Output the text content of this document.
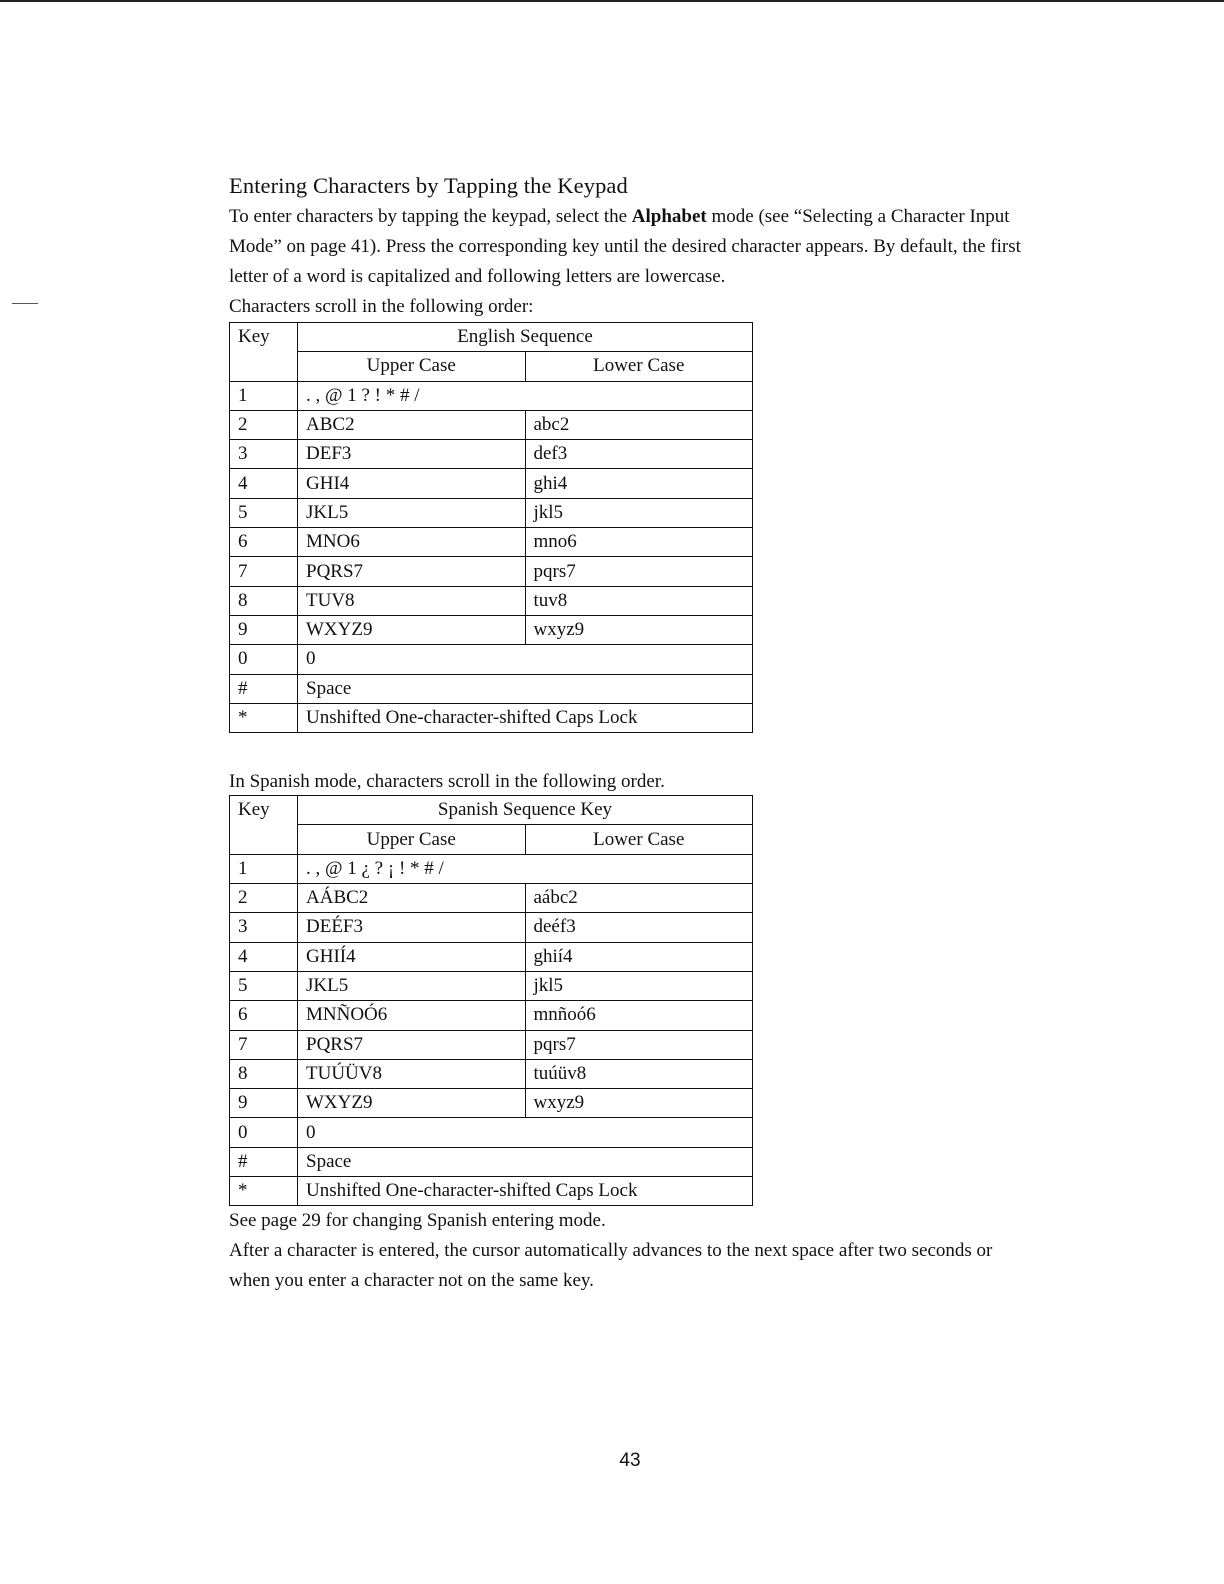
Entering Characters by Tapping the Keypad

To enter characters by tapping the keypad, select the Alphabet mode (see “Selecting a Character Input Mode” on page 41). Press the corresponding key until the desired character appears. By default, the first letter of a word is capitalized and following letters are lowercase.

Characters scroll in the following order:

Key	English Sequence	
	Upper Case	Lower Case
1	. , @ 1 ? ! * # /	
2	ABC2	abc2
3	DEF3	def3
4	GHI4	ghi4
5	JKL5	jkl5
6	MNO6	mno6
7	PQRS7	pqrs7
8	TUV8	tuv8
9	WXYZ9	wxyz9
0	0	
#	Space	
*	Unshifted One-character-shifted Caps Lock	

In Spanish mode, characters scroll in the following order.

Key	Spanish Sequence Key	
	Upper Case	Lower Case
1	. , @ 1 ¿ ? ¡ ! * # /	
2	AÁBC2	aábc2
3	DEÉF3	deéf3
4	GHIÍ4	ghií4
5	JKL5	jkl5
6	MNÑOÓ6	mnñoó6
7	PQRS7	pqrs7
8	TUÚÜV8	tuúüv8
9	WXYZ9	wxyz9
0	0	
#	Space	
*	Unshifted One-character-shifted Caps Lock	

See page 29 for changing Spanish entering mode.

After a character is entered, the cursor automatically advances to the next space after two seconds or when you enter a character not on the same key.

43
